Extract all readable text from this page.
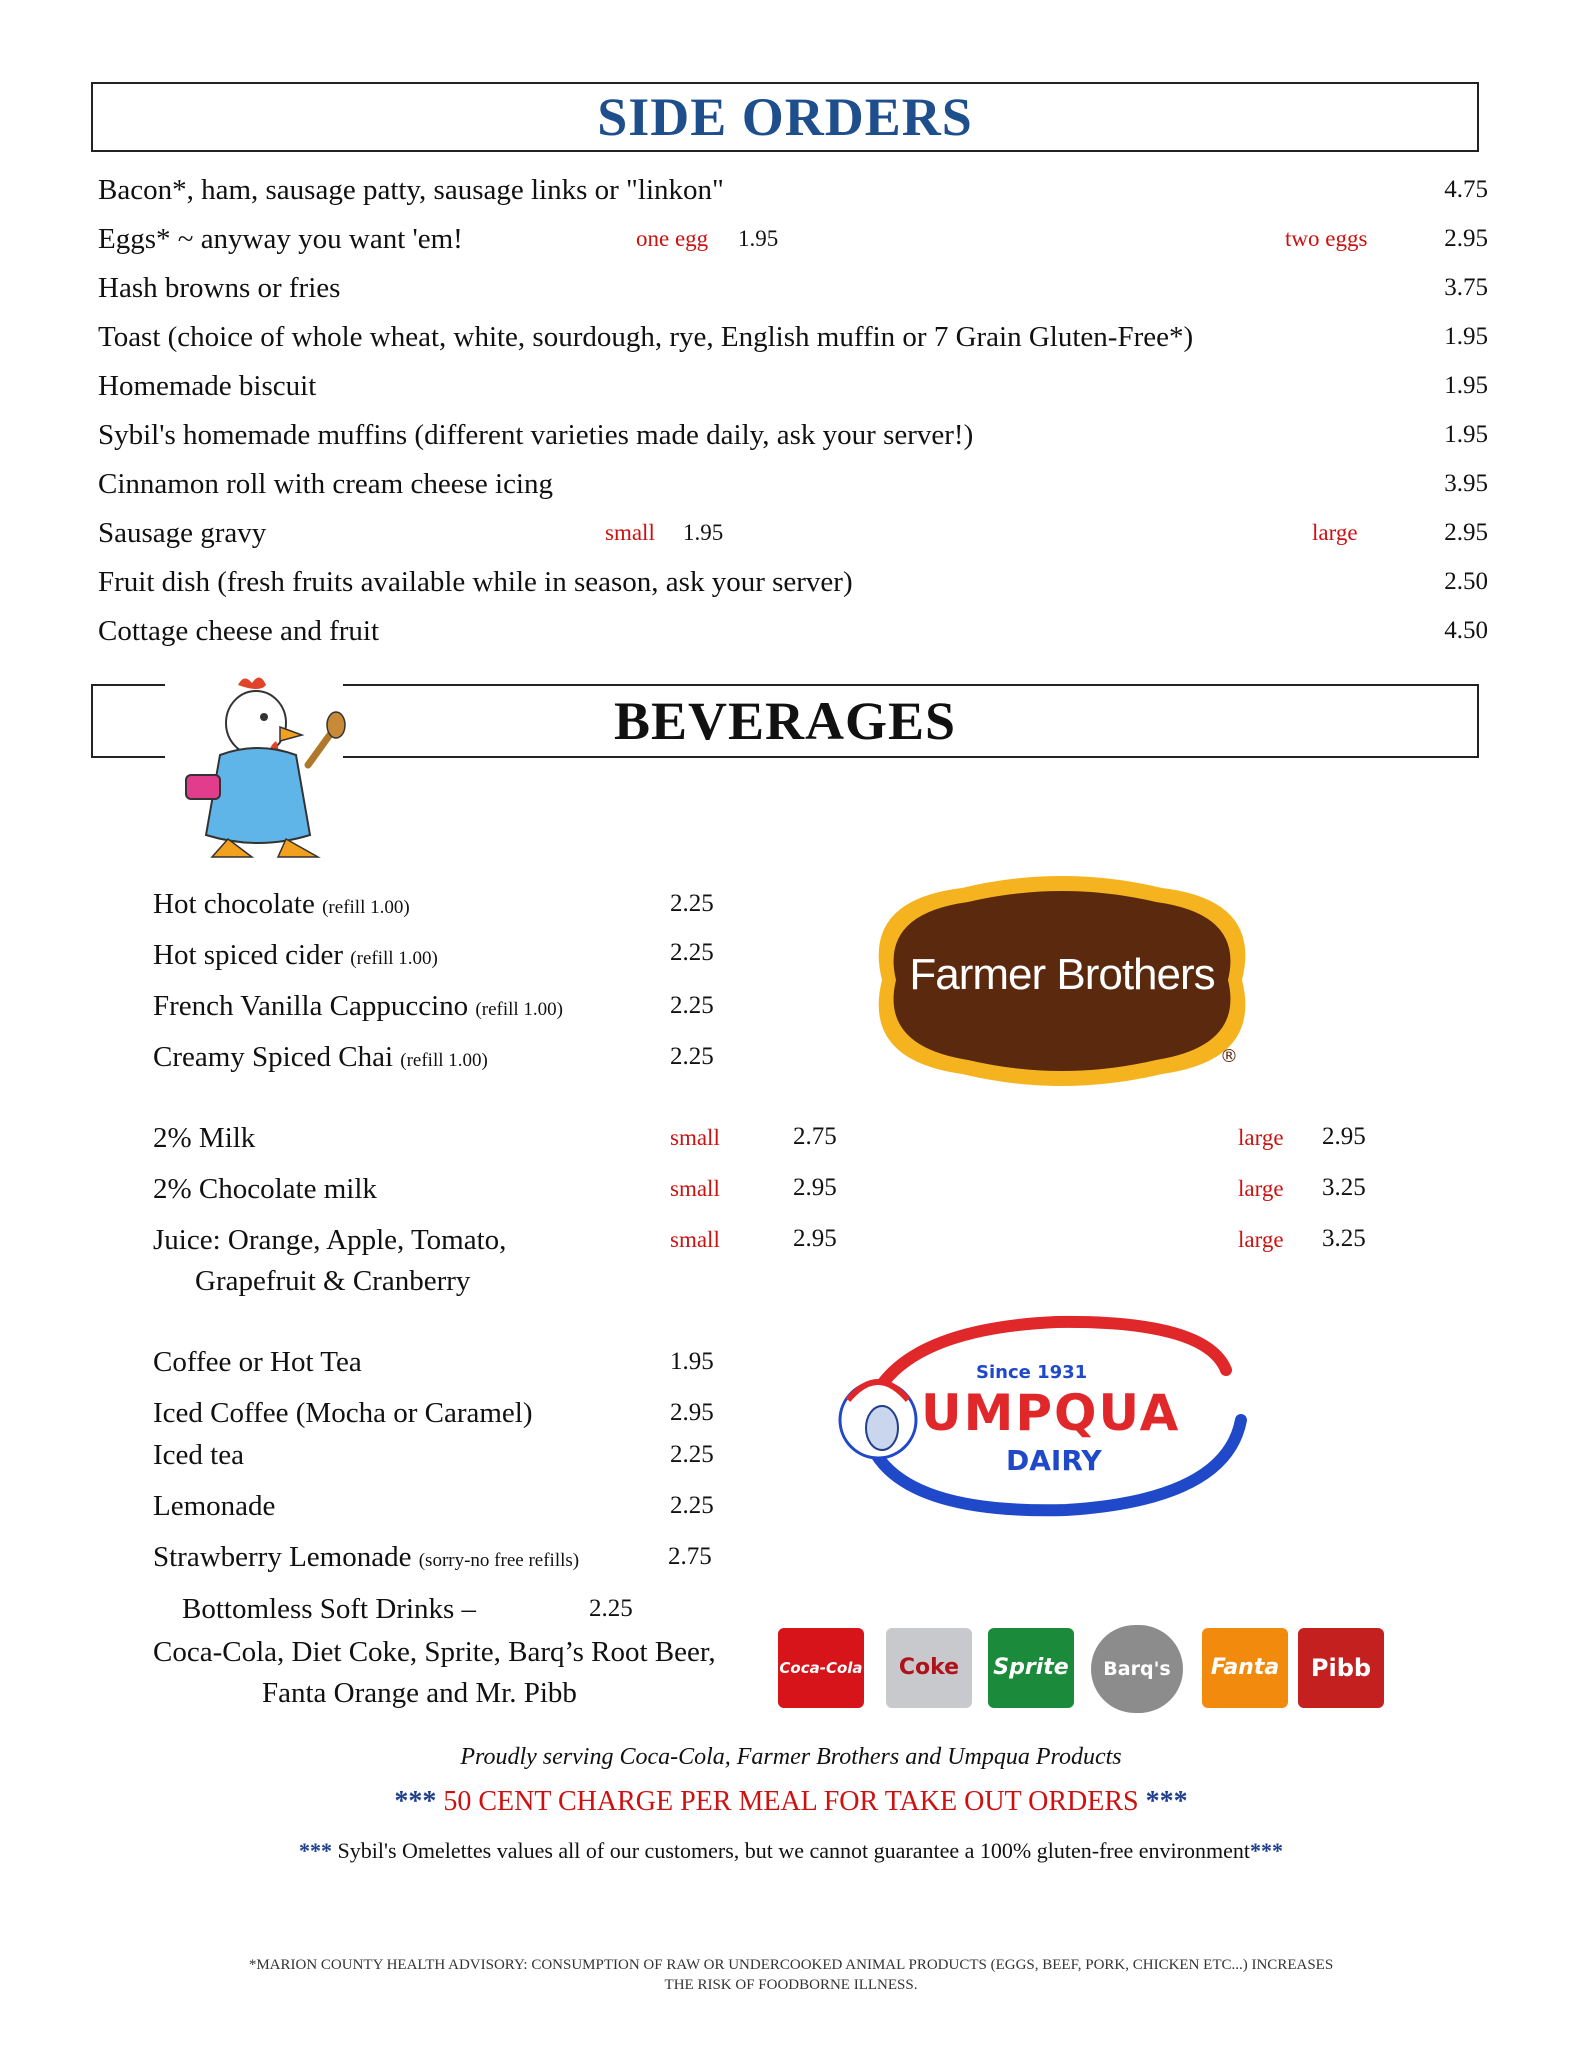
SIDE ORDERS
Bacon*, ham, sausage patty, sausage links or "linkon"	4.75
Eggs* ~ anyway you want 'em!	one egg 1.95	two eggs	2.95
Hash browns or fries	3.75
Toast (choice of whole wheat, white, sourdough, rye, English muffin or 7 Grain Gluten-Free*)	1.95
Homemade biscuit	1.95
Sybil's homemade muffins (different varieties made daily, ask your server!)	1.95
Cinnamon roll with cream cheese icing	3.95
Sausage gravy	small 1.95	large	2.95
Fruit dish (fresh fruits available while in season, ask your server)	2.50
Cottage cheese and fruit	4.50
BEVERAGES
Hot chocolate (refill 1.00)	2.25
Hot spiced cider (refill 1.00)	2.25
French Vanilla Cappuccino (refill 1.00)	2.25
Creamy Spiced Chai (refill 1.00)	2.25
Farmer Brothers
®
2% Milk	small	2.75	large 2.95
2% Chocolate milk	small	2.95	large 3.25
Juice: Orange, Apple, Tomato,
Grapefruit & Cranberry
small	2.95	large 3.25
Coffee or Hot Tea	1.95
Iced Coffee (Mocha or Caramel)	2.95
Iced tea	2.25
Lemonade	2.25
Strawberry Lemonade (sorry-no free refills)	2.75
Since 1931
UMPQUA
DAIRY
Bottomless Soft Drinks –	2.25
Coca-Cola, Diet Coke, Sprite, Barq’s Root Beer,
Fanta Orange and Mr. Pibb
Coca-Cola	Coke	Sprite	Barq's	Fanta	Pibb
Proudly serving Coca-Cola, Farmer Brothers and Umpqua Products
*** 50 CENT CHARGE PER MEAL FOR TAKE OUT ORDERS ***
*** Sybil's Omelettes values all of our customers, but we cannot guarantee a 100% gluten-free environment***
*MARION COUNTY HEALTH ADVISORY: CONSUMPTION OF RAW OR UNDERCOOKED ANIMAL PRODUCTS (EGGS, BEEF, PORK, CHICKEN ETC...) INCREASES
THE RISK OF FOODBORNE ILLNESS.
